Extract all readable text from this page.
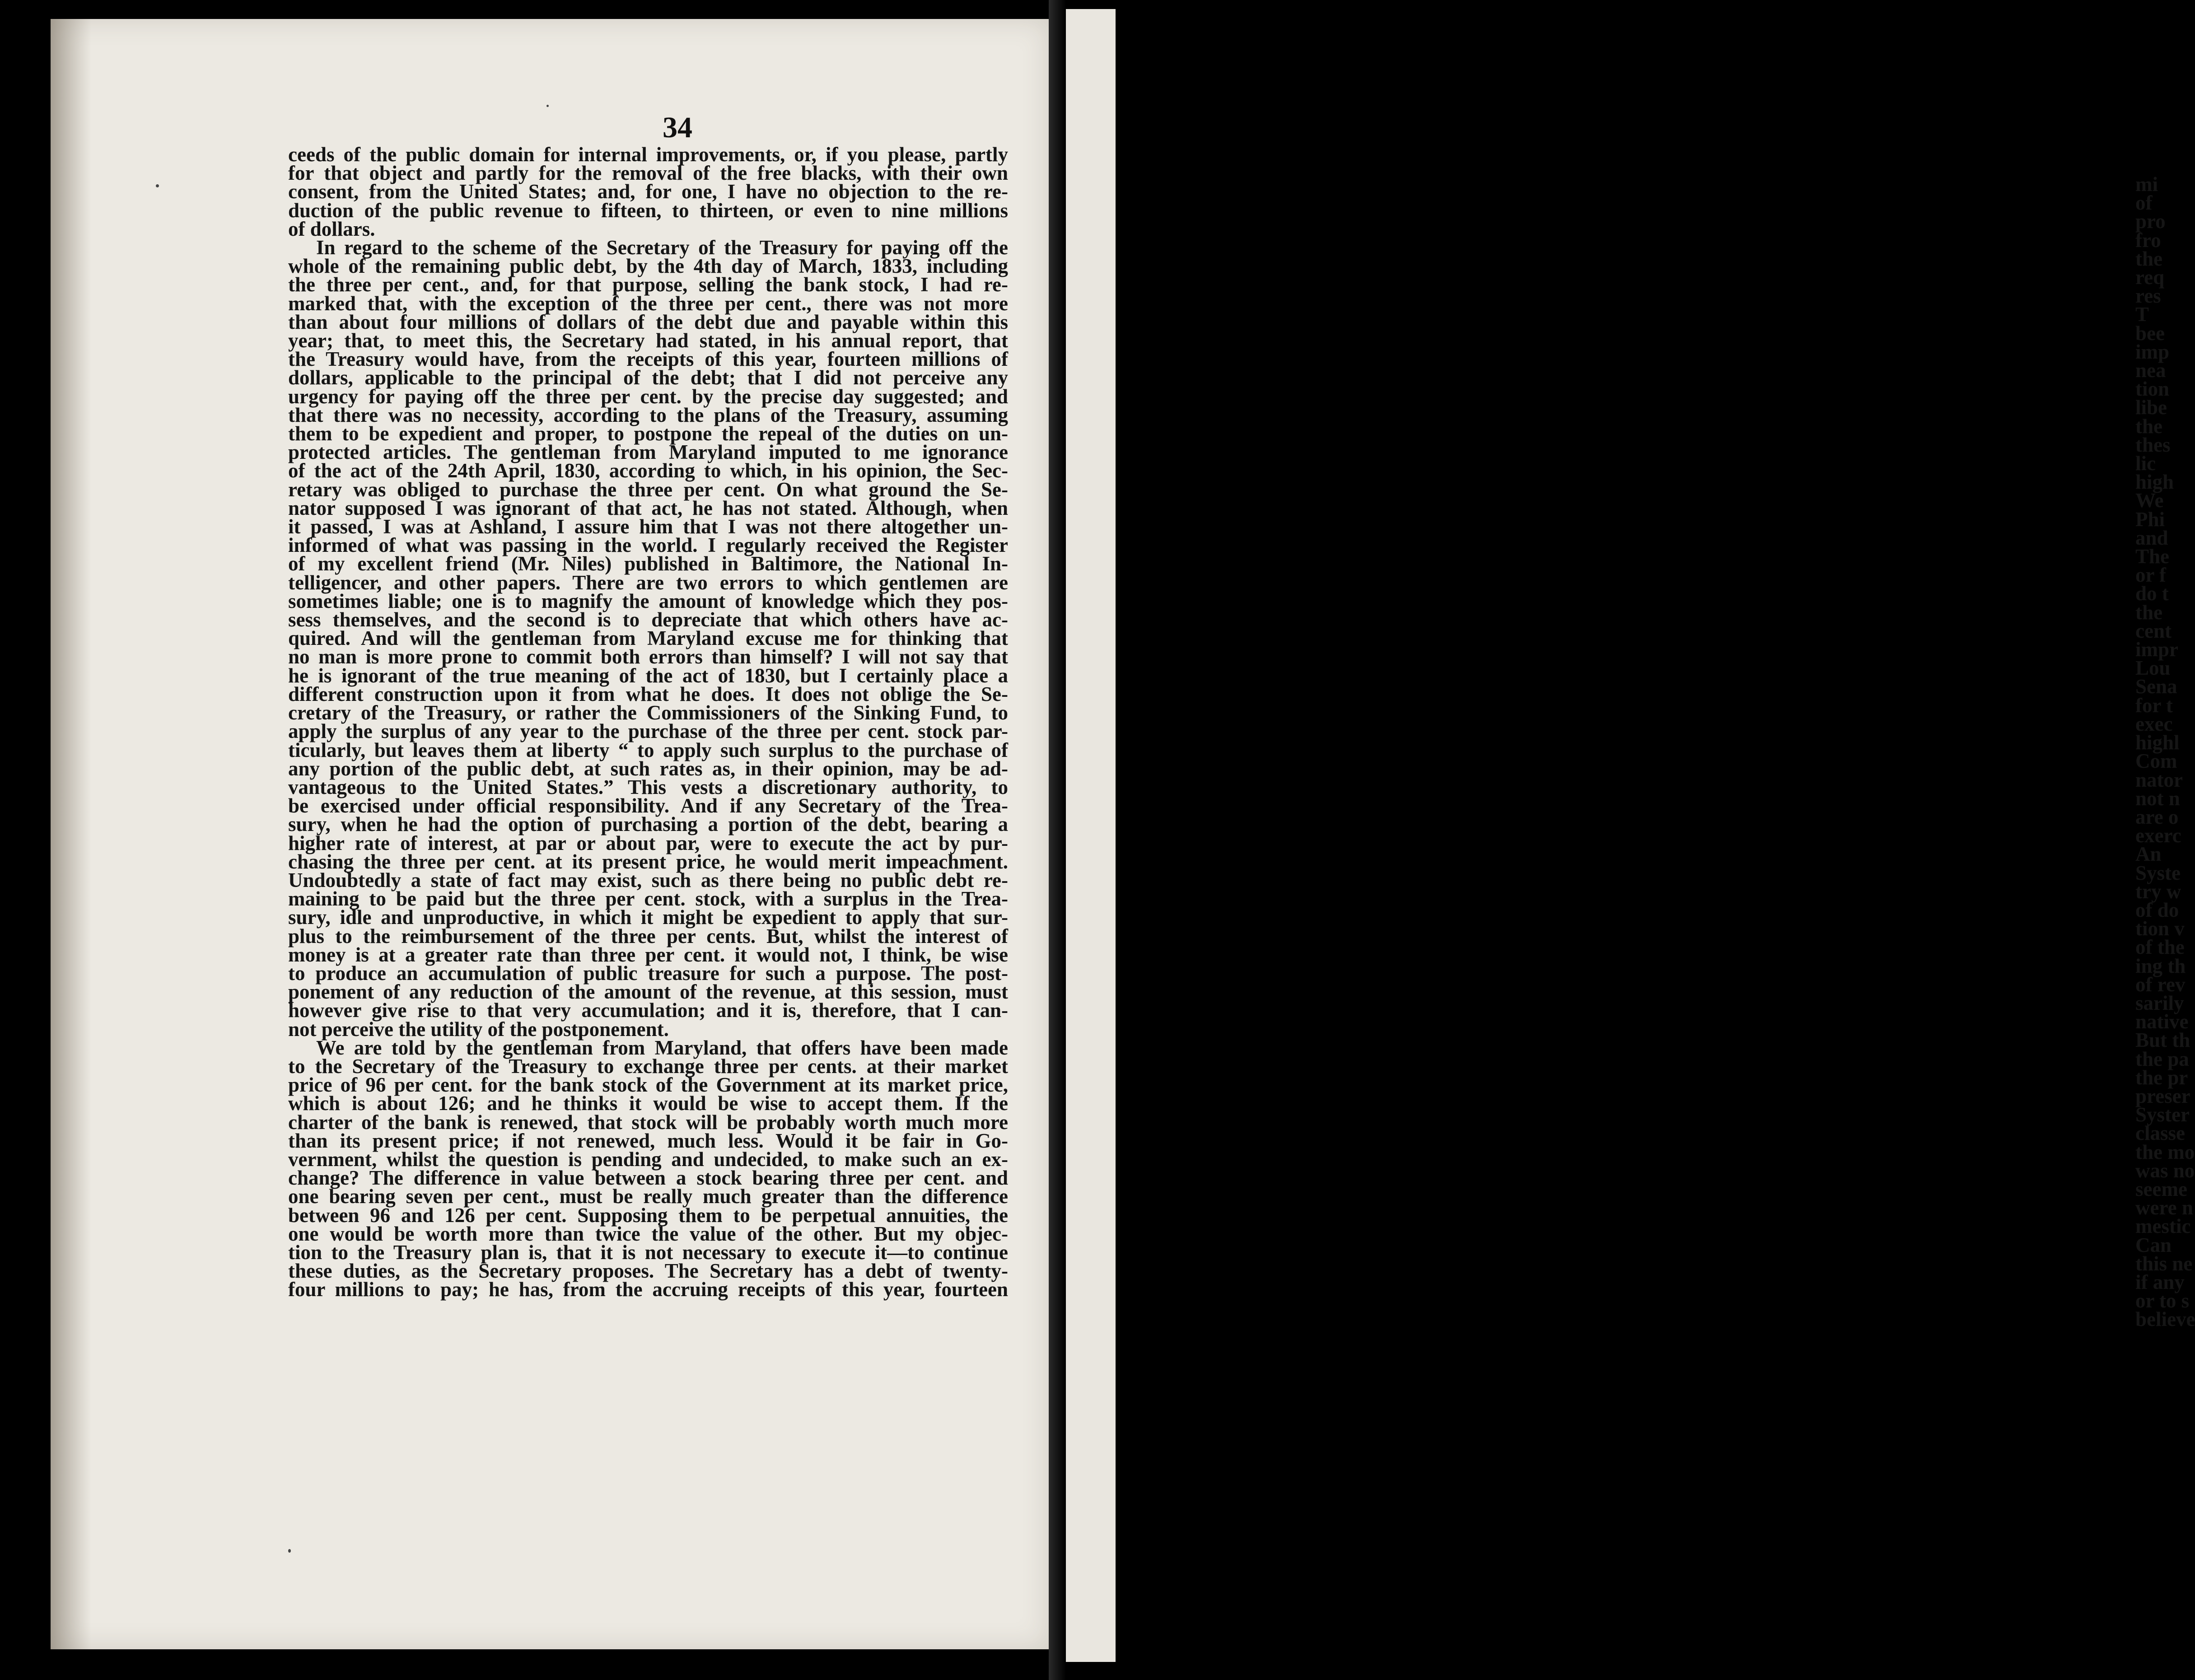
mi
of
pro
fro
the
req
res
T
bee
imp
nea
tion
libe
the
thes
lic
high
We
Phi
and
The
or f
do t
the
cent
impr
Lou
Sena
for t
exec
highl
Com
nator
not n
are o
exerc
An
Syste
try w
of do
tion v
of the
ing th
of rev
sarily
native
But th
the pa
the pr
preser
Syster
classe
the mo
was no
seeme
were n
mestic
Can
this ne
if any
or to s
believe
34
ceeds of the public domain for internal improvements, or, if you please, partly
for that object and partly for the removal of the free blacks, with their own
consent, from the United States; and, for one, I have no objection to the re-
duction of the public revenue to fifteen, to thirteen, or even to nine millions
of dollars.
In regard to the scheme of the Secretary of the Treasury for paying off the
whole of the remaining public debt, by the 4th day of March, 1833, including
the three per cent., and, for that purpose, selling the bank stock, I had re-
marked that, with the exception of the three per cent., there was not more
than about four millions of dollars of the debt due and payable within this
year; that, to meet this, the Secretary had stated, in his annual report, that
the Treasury would have, from the receipts of this year, fourteen millions of
dollars, applicable to the principal of the debt; that I did not perceive any
urgency for paying off the three per cent. by the precise day suggested; and
that there was no necessity, according to the plans of the Treasury, assuming
them to be expedient and proper, to postpone the repeal of the duties on un-
protected articles. The gentleman from Maryland imputed to me ignorance
of the act of the 24th April, 1830, according to which, in his opinion, the Sec-
retary was obliged to purchase the three per cent. On what ground the Se-
nator supposed I was ignorant of that act, he has not stated. Although, when
it passed, I was at Ashland, I assure him that I was not there altogether un-
informed of what was passing in the world. I regularly received the Register
of my excellent friend (Mr. Niles) published in Baltimore, the National In-
telligencer, and other papers. There are two errors to which gentlemen are
sometimes liable; one is to magnify the amount of knowledge which they pos-
sess themselves, and the second is to depreciate that which others have ac-
quired. And will the gentleman from Maryland excuse me for thinking that
no man is more prone to commit both errors than himself? I will not say that
he is ignorant of the true meaning of the act of 1830, but I certainly place a
different construction upon it from what he does. It does not oblige the Se-
cretary of the Treasury, or rather the Commissioners of the Sinking Fund, to
apply the surplus of any year to the purchase of the three per cent. stock par-
ticularly, but leaves them at liberty “ to apply such surplus to the purchase of
any portion of the public debt, at such rates as, in their opinion, may be ad-
vantageous to the United States.” This vests a discretionary authority, to
be exercised under official responsibility. And if any Secretary of the Trea-
sury, when he had the option of purchasing a portion of the debt, bearing a
higher rate of interest, at par or about par, were to execute the act by pur-
chasing the three per cent. at its present price, he would merit impeachment.
Undoubtedly a state of fact may exist, such as there being no public debt re-
maining to be paid but the three per cent. stock, with a surplus in the Trea-
sury, idle and unproductive, in which it might be expedient to apply that sur-
plus to the reimbursement of the three per cents. But, whilst the interest of
money is at a greater rate than three per cent. it would not, I think, be wise
to produce an accumulation of public treasure for such a purpose. The post-
ponement of any reduction of the amount of the revenue, at this session, must
however give rise to that very accumulation; and it is, therefore, that I can-
not perceive the utility of the postponement.
We are told by the gentleman from Maryland, that offers have been made
to the Secretary of the Treasury to exchange three per cents. at their market
price of 96 per cent. for the bank stock of the Government at its market price,
which is about 126; and he thinks it would be wise to accept them. If the
charter of the bank is renewed, that stock will be probably worth much more
than its present price; if not renewed, much less. Would it be fair in Go-
vernment, whilst the question is pending and undecided, to make such an ex-
change? The difference in value between a stock bearing three per cent. and
one bearing seven per cent., must be really much greater than the difference
between 96 and 126 per cent. Supposing them to be perpetual annuities, the
one would be worth more than twice the value of the other. But my objec-
tion to the Treasury plan is, that it is not necessary to execute it—to continue
these duties, as the Secretary proposes. The Secretary has a debt of twenty-
four millions to pay; he has, from the accruing receipts of this year, fourteen
